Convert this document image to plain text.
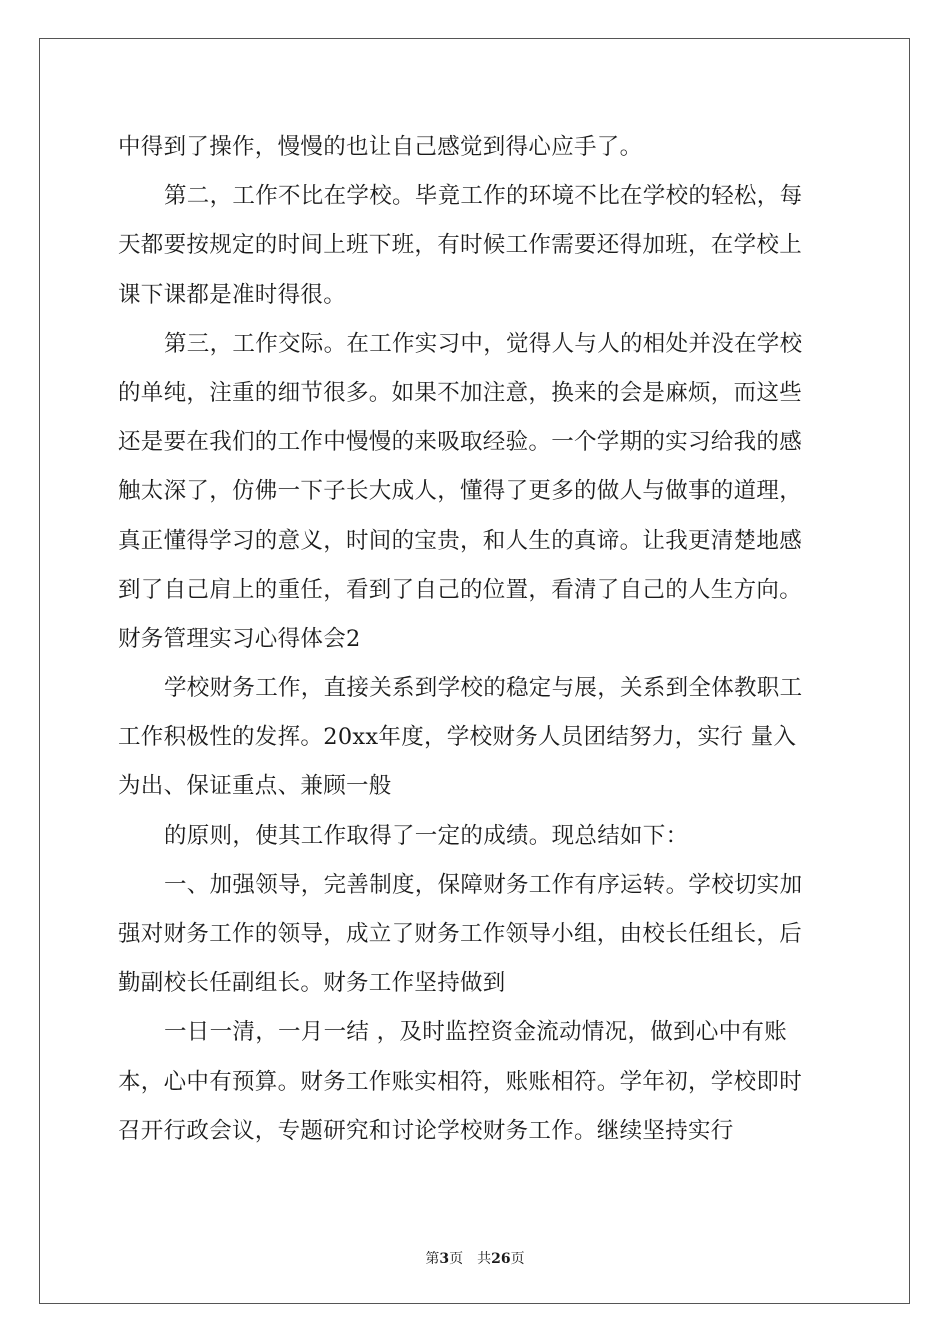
中得到了操作，慢慢的也让自己感觉到得心应手了。
第二，工作不比在学校。毕竟工作的环境不比在学校的轻松，每
天都要按规定的时间上班下班，有时候工作需要还得加班，在学校上
课下课都是准时得很。
第三，工作交际。在工作实习中，觉得人与人的相处并没在学校
的单纯，注重的细节很多。如果不加注意，换来的会是麻烦，而这些
还是要在我们的工作中慢慢的来吸取经验。一个学期的实习给我的感
触太深了，仿佛一下子长大成人，懂得了更多的做人与做事的道理，
真正懂得学习的意义，时间的宝贵，和人生的真谛。让我更清楚地感
到了自己肩上的重任，看到了自己的位置，看清了自己的人生方向。
财务管理实习心得体会2
学校财务工作，直接关系到学校的稳定与展，关系到全体教职工
工作积极性的发挥。20xx年度，学校财务人员团结努力，实行 量入
为出、保证重点、兼顾一般
的原则，使其工作取得了一定的成绩。现总结如下：
一、加强领导，完善制度，保障财务工作有序运转。学校切实加
强对财务工作的领导，成立了财务工作领导小组，由校长任组长，后
勤副校长任副组长。财务工作坚持做到
一日一清，一月一结 ，及时监控资金流动情况，做到心中有账
本，心中有预算。财务工作账实相符，账账相符。学年初，学校即时
召开行政会议，专题研究和讨论学校财务工作。继续坚持实行
第3页 共26页
